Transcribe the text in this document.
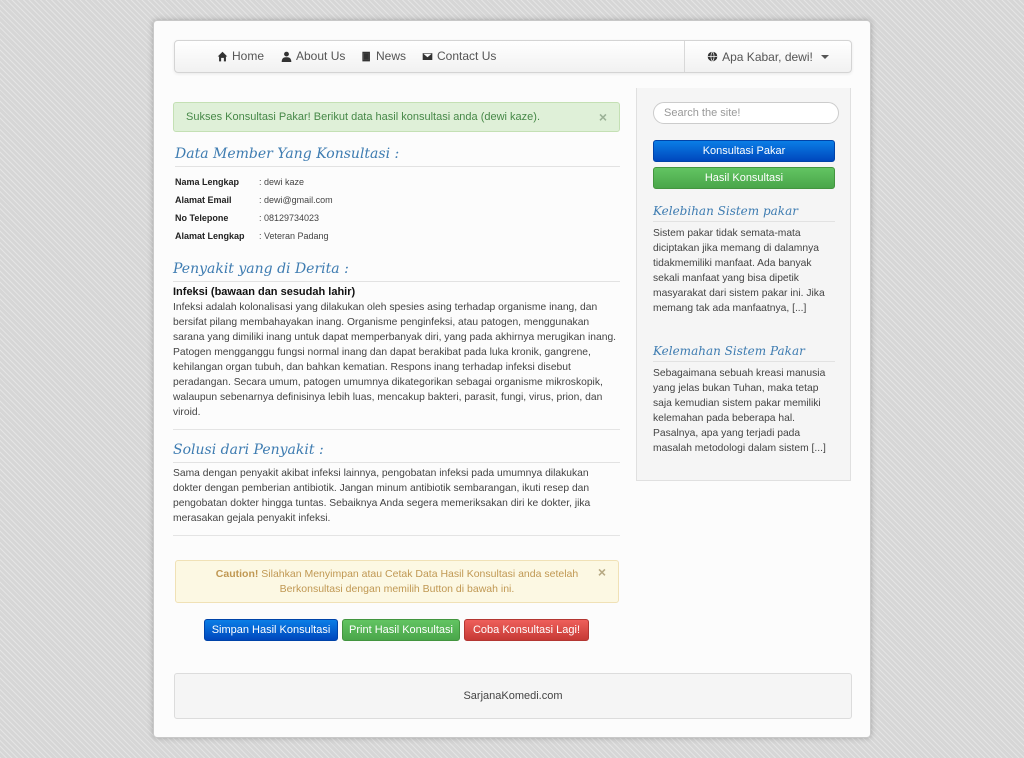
Home	About Us	News	Contact Us	Apa Kabar, dewi!
Sukses Konsultasi Pakar! Berikut data hasil konsultasi anda (dewi kaze).	×
Data Member Yang Konsultasi :
Nama Lengkap	: dewi kaze
Alamat Email	: dewi@gmail.com
No Telepone	: 08129734023
Alamat Lengkap	: Veteran Padang
Penyakit yang di Derita :
Infeksi (bawaan dan sesudah lahir)
Infeksi adalah kolonalisasi yang dilakukan oleh spesies asing terhadap organisme inang, dan bersifat pilang membahayakan inang. Organisme penginfeksi, atau patogen, menggunakan sarana yang dimiliki inang untuk dapat memperbanyak diri, yang pada akhirnya merugikan inang. Patogen mengganggu fungsi normal inang dan dapat berakibat pada luka kronik, gangrene, kehilangan organ tubuh, dan bahkan kematian. Respons inang terhadap infeksi disebut peradangan. Secara umum, patogen umumnya dikategorikan sebagai organisme mikroskopik, walaupun sebenarnya definisinya lebih luas, mencakup bakteri, parasit, fungi, virus, prion, dan viroid.
Solusi dari Penyakit :
Sama dengan penyakit akibat infeksi lainnya, pengobatan infeksi pada umumnya dilakukan dokter dengan pemberian antibiotik. Jangan minum antibiotik sembarangan, ikuti resep dan pengobatan dokter hingga tuntas. Sebaiknya Anda segera memeriksakan diri ke dokter, jika merasakan gejala penyakit infeksi.
Caution! Silahkan Menyimpan atau Cetak Data Hasil Konsultasi anda setelah Berkonsultasi dengan memilih Button di bawah ini.
×
Simpan Hasil Konsultasi	Print Hasil Konsultasi	Coba Konsultasi Lagi!
Search the site!
Konsultasi Pakar
Hasil Konsultasi
Kelebihan Sistem pakar
Sistem pakar tidak semata-mata diciptakan jika memang di dalamnya tidakmemiliki manfaat. Ada banyak sekali manfaat yang bisa dipetik masyarakat dari sistem pakar ini. Jika memang tak ada manfaatnya, [...]
Kelemahan Sistem Pakar
Sebagaimana sebuah kreasi manusia yang jelas bukan Tuhan, maka tetap saja kemudian sistem pakar memiliki kelemahan pada beberapa hal. Pasalnya, apa yang terjadi pada masalah metodologi dalam sistem [...]
SarjanaKomedi.com
